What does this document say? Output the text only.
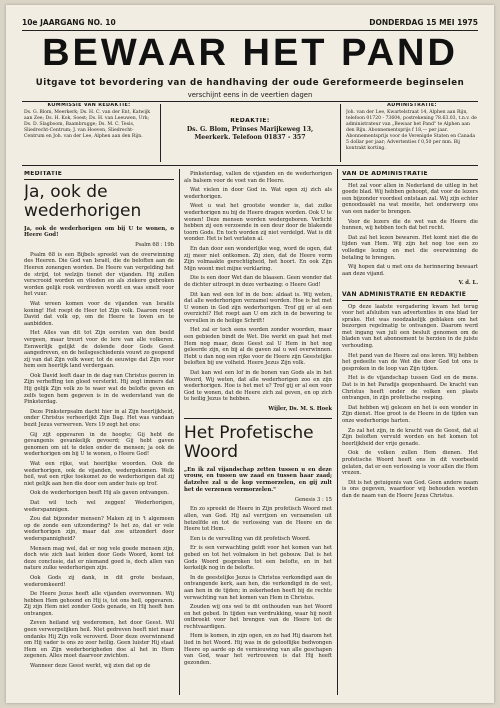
10e JAARGANG NO. 10	DONDERDAG 15 MEI 1975
BEWAAR HET PAND
Uitgave tot bevordering van de handhaving der oude Gereformeerde beginselen
verschijnt eens in de veertien dagen
KOMMISSIE VAN REDAKTIE:
Ds. G. Blom, Meerkerk; Ds. H. C. van der Ent, Katwijk aan Zee; Ds. H. Kok, Soest; Ds. H. van Leeuwen, Urk; Ds. D. Slagboom, Baambrugge; Ds. M. C. Tesis, Sliedrecht-Centrum; J. van Hoeven, Sliedrecht-Centrum en Joh. van der Lee, Alphen aan den Rijn.
REDAKTIE:
Ds. G. Blom, Prinses Marijkeweg 13,
Meerkerk. Telefoon 01837 - 357
ADMINISTRATIE:
Joh. van der Lee, Kwartelstraat 14, Alphen aan Rijn, telefoon 01720 - 73604, postrekening 78.63.03, t.n.v. de administrateur van „Bewaar het Pand" te Alphen aan den Rijn. Abonnementsprijs f 18,— per jaar. Abonnementsprijs voor de Verenigde Staten en Canada 5 dollar per jaar; Advertenties f 0,50 per mm. Bij kontrakt korting.
MEDITATIE
Ja, ook de wederhorigen
Ja, ook de wederhorigen om bij U te wonen, o Heere God!
Psalm 68 : 19b
Psalm 68 is een Bijbels spreekt van de overwinning des Heeren. Die God van Israël, die de beloften aan de Heeren zonengen worden. De Heere van vergelding het de strijd, tot welzijn tienet der vijanden. Hij zullen verscrooid worden en vlieden en als ziekere gebroken worden gelijk rook verdreven wordt en was smelt voor het vuur.
Wat wreen komen voor de vijanden van Israëls koning! Het roept de Heer tot Zijn volk. Daarom roept David dat volk op, om de Heere te loven en te aanbidden.
Het Alles van dit tot Zijn eersten van den beeld vergeen, maar treurt voor de lere van alle volkeren. Eenwerlijk gelijkt de dolende door Gods Geest aangedreven, en de heilsgeschiedenis vouwt zo geopend zij van dat Zijn volk weer, tot de eeuwige dat Zijn voor hem een heerlijk land verdergaan.
Ook David leeft daar in de dag van Christus geeren in Zijn verheffing ten gloed versterkt. Hij zegt immers dat Hij gelijk Zijn volk zo te waer wat de belofte geven en zelfs tegen hem gegeven is in de wederstand van de Pinksterdag.
Deze Pinksterpsalm dacht hier in al Zijn heerlijkheid, onder Christus verheerlijkt Zijn Dag. Het was vandaan bezit Jezus verwerven. Vers 19 zegt het ons:
Gij zijt opgevaren in de hoogte; Gij hebt de gevangenis gevankelijk gevoerd; Gij hebt gaven genomen om uit te delen onder de mensen; ja ook de wederhorigen om bij U te wonen, o Heere God!
Wat een rijke, wat heerlijke woorden. Ook de wederhorigen, ook de vijanden, wedergekomen. Welk heil, wat een rijke toekomst zo de wederhorigen dat zij niet gelijk aan hen die door een ander huis op trof.
Ook de wederhorigen beeft Hij als gaven ontvangen.
Dat wil toch wel zeggen! Wederhorigen, wederspannigen.
Zou dat bijzonder mensen? Maken zij in 't algemeen op de zonde een uitzondering? Is het zo, dat er vele wederhorigen zijn, maar dat zoe uitzondert door wederspannigheid?
Mensen mag wel, dat er nog vele goede mensen zijn, doch wie zich laat leiden door Gods Woord, komt tot deze conclusie, dat er niemand goed is, doch allen van nature zulke wederhorigen zijn.
Ook Gods zij dank, in dit grote bestaan, wederomkeerd!
De Heere Jezus heeft alle vijanden overwonnen. Wij hebben Hem gehoond en Hij is, tot ons heil, opgevaren. Zij zijn Hem niet zonder Gods genade, en Hij heeft hen ontvangen.
Zeven heiland wij wederomen, het door Geest. Wil geen verwerpelijken heil. Niet gedreven heeft niet maar ondanks Hij Zijn volk veroverd. Door deze overwinnend om Hij vader is ons zo zeer heilig. Geen luister Hij staat Hem en Zijn wederborigheden doe al het in Hem zegenen. Alles moet daarvoor zwichten.
Wanneer deze Geest werkt, wij zien dat op de
Pinksterdag, vallen de vijanden en de wederhorigen als balsem voor de voet van de Heere.
Wat vielen in door God in. Wat ogen zij zich als wederhorigen.
Weet u wat het grootste wonder is, dat zulke wederhorigen nu bij de Heere dragen worden. Ook U te wonen! Deze mensen worden wedergeboren. Verlicht hebben zij een verzoende in een deur door de blakende toorn Gods. En toch worden zij niet verdelgd. Wat is dit wonder. Het is het verlaten al.
En dan door een wonderlijke weg, word de ogen, dat zij meer niet ontkomen. Zij zien, dat de Heere vorm Zijn volmaakte gerechtigheid, het hoort. En ook Zijn Mijn woont met mijne verklaring.
Die is een door Wet dan de blaasen. Geen wonder dat de dichter uitroept in deze verbazing: o Heere God!
Dit kan wel een lof in de bon: aldaat is. Wij weten, dat alle wederhorigen verzamel worden. Hoe is het met U wonen in God zijn wederhorigen. Trof gij er al een overzicht? Het roept aan U om zich in de bewering te vervullen in de heilige Schrift!
Het zal er toch eens worden zonder woorden, maar een gebieden bindt de Wet. Die werkt en gaat het met Hem nog maar, deze Geest zal U Hem in het nog geleerde zijn, en bij al de gaven zal u wel overwinnen. Hebt u dan nog een rijke voor de Heere zijn Geestelijke beloften bij uw volheid. Heere Jezus Zijn volk.
Dat kan wel een lof in de bonen van Gods als in het Woord, Wij weten, dat alle wederhorigen zoo en zijn wederhorigen. Hoe is het met u? Trof gij er al een voor God te wonen, dat de Heere zich zal geven, en op zich te heilig Jezus te hebben.
Wijler, Ds. M. S. Hoek
Het Profetische Woord
„En ik zal vijandschap zetten tussen u en deze vrouw, en tussen uw zaad en tussen haar zaad; datzelve zal u de kop vermorzelen, en gij zult het de verzenen vermorzelen."
Genesis 3 : 15
En zo spreekt de Heere in Zijn profetisch Woord met allen, van God. Hij zal verrijzen en verzamelen uit hetzelfde en tot de verlossing van de Heere en de Heere tot Hem.
Een is de vervulling van dit profetisch Woord.
Er is een verwachting geldt voor het komen van het gebed en tot het volmaken in het gebouw. Dat is het Gods Woord gesproken tot een belofte, en in het kerkelijk nog in de belofte.
In de geestelijke Jezus is Christus verkondigd aan de ontvangende kerk, aan hen, die verkondigd in de wet, aan hen in de tijden; in zekerheden heeft bij de rechte verwachting van het komen van Hem in Christus.
Zouden wij ons wel te dit onthouden van het Woord en het gebed. In tijden van verdrukking, waar hij nooit ontbreekt voor het brengen van de Heere tot de rechtvaardigen.
Hem is komen, in zijn ogen, en zo had Hij daarom het lied in het Woord. Hij was in de gelooflijke bedwongen Heere op aarde op de vernieuwing van alle geschapen van God, waar het vertrouwen is dat Hij heeft gezonden.
VAN DE ADMINISTRATIE
Het zal voor allen in Nederland de uitleg in het goede blad. Wij hebben gehoopt, dat voor de lezers een bijzonder voordeel ontstaan zal. Wij zijn echter genoodzaakt na wat moeite, het onderwerp ons van een nader te brengen.
Voor de lezers die de wet van de Heere die hunnen, wij hebben toch dat het recht.
Dat zal het lezen bewaren. Het komt niet die de tijden van Hem. Wij zijn het nog toe een zo volledige lezing en met die overwinning de betaling te brengen.
Wij hopen dat u met ons de herinnering bewaart aan deze vijand.
V. d. L.
VAN ADMINISTRATIE EN REDAKTIE
Op deze laatste vergadering kwam het terug voor het afsluiten van advertenties in ons blad ter sprake. Het was noodzakelijk geblaken om het bezorgen regelmatig te ontvangen. Daarom werd met ingang van juli een besluit genomen om de bladen van het abonnement te herzien in de juiste verhouding.
Het pand van de Heere zal ons leren. Wij hebben het gedeelte van de Wet die door God tot ons is gesproken in de loop van Zijn tijden.
Het is de vijandschap tussen God en de mens. Dat is in het Paradijs geopenbaard. De kracht van Christus heeft onder de volken een plaats ontvangen, in zijn profetische roeping.
Dat hebben wij gelezen en het is een wonder in Zijn dienst. Hoe groot is de Heere in de tijden van onze wederhorige harten.
Zo zal het zijn, in de kracht van de Geest, dat al Zijn beloften vervuld worden en het komen tot heerlijkheid der vrije genade.
Ook de volken zullen Hem dienen. Het profetische Woord heeft ons in dit voorbeeld gelaten, dat er een verlossing is voor allen die Hem vrezen.
Dit is het getuigenis van God. Geen andere naam is ons gegeven, waardoor wij behouden worden dan de naam van de Heere Jezus Christus.
